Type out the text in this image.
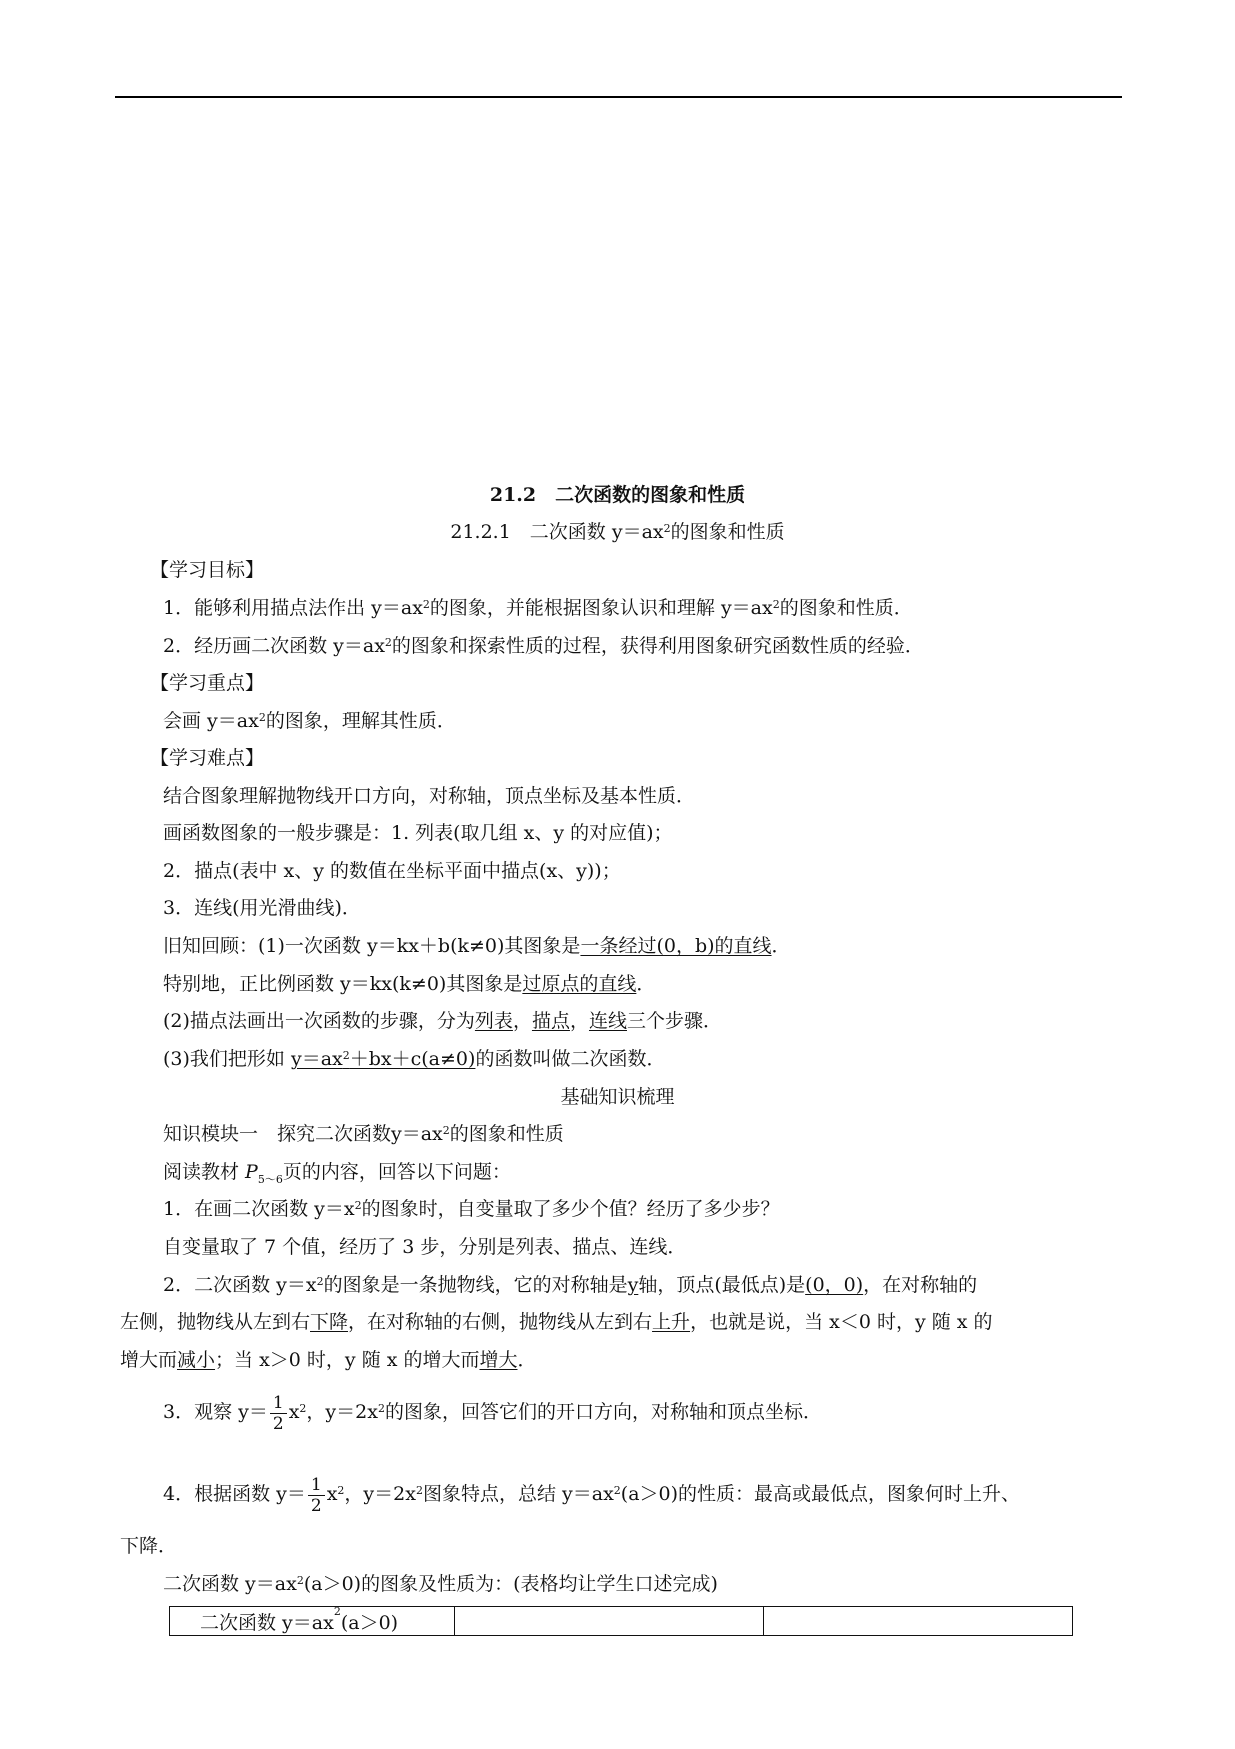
21.2　二次函数的图象和性质
21.2.1　二次函数 $y=ax^2$的图象和性质
【学习目标】
1．能够利用描点法作出 $y=ax^2$的图象，并能根据图象认识和理解 $y=ax^2$的图象和性质．
2．经历画二次函数 $y=ax^2$的图象和探索性质的过程，获得利用图象研究函数性质的经验．
【学习重点】
会画 $y=ax^2$的图象，理解其性质．
【学习难点】
结合图象理解抛物线开口方向，对称轴，顶点坐标及基本性质．
画函数图象的一般步骤是：1. 列表(取几组 x、y 的对应值)；
2．描点(表中 x、y 的数值在坐标平面中描点(x、y))；
3．连线(用光滑曲线)．
旧知回顾：(1)一次函数 y＝kx＋b(k≠0)其图象是一条经过(0，b)的直线．
特别地，正比例函数 y＝kx(k≠0)其图象是过原点的直线．
(2)描点法画出一次函数的步骤，分为列表，描点，连线三个步骤．
(3)我们把形如 $y=ax^2+bx+c(a\ne 0)$的函数叫做二次函数．
基础知识梳理
知识模块一　探究二次函数$y=ax^2$的图象和性质
阅读教材 $P_{5\sim 6}$页的内容，回答以下问题：
1．在画二次函数 $y=x^2$的图象时，自变量取了多少个值？经历了多少步？
自变量取了 7 个值，经历了 3 步，分别是列表、描点、连线．
2．二次函数 $y=x^2$的图象是一条抛物线，它的对称轴是y轴，顶点(最低点)是(0，0)，在对称轴的
左侧，抛物线从左到右下降，在对称轴的右侧，抛物线从左到右上升，也就是说，当 x＜0 时，y 随 x 的
增大而减小；当 x＞0 时，y 随 x 的增大而增大．
3．观察 $y= \frac{1}{2} x^2$，$y=2x^2$的图象，回答它们的开口方向，对称轴和顶点坐标．
4．根据函数 $y= \frac{1}{2} x^2$，$y=2x^2$图象特点，总结 $y=ax^2(a>0)$的性质：最高或最低点，图象何时上升、
下降．
二次函数 $y=ax^2(a>0)$的图象及性质为：(表格均让学生口述完成)
二次函数 $y=ax^2(a>0)$		
